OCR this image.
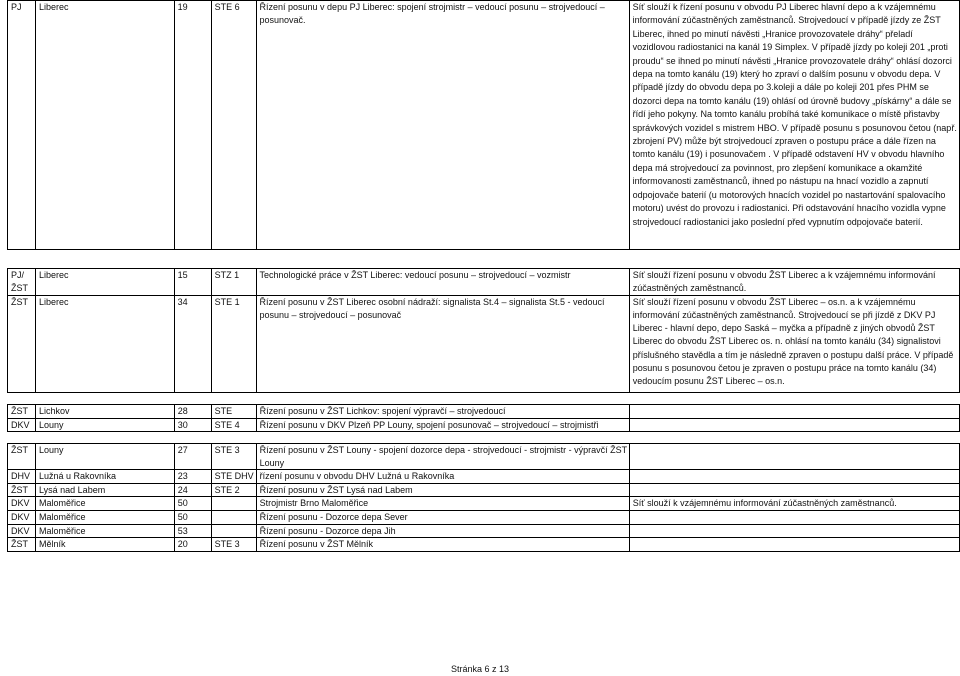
PJ	Liberec	19	STE 6	Řízení posunu v depu PJ Liberec: spojení strojmistr – vedoucí posunu – strojvedoucí – posunovač.	Síť slouží k řízení posunu v obvodu PJ Liberec hlavní depo a k vzájemnému informování zúčastněných zaměstnanců. Strojvedoucí v případě jízdy ze ŽST Liberec, ihned po minutí návěsti „Hranice provozovatele dráhy“ přeladí vozidlovou radiostanici na kanál 19 Simplex. V případě jízdy po koleji 201 „proti proudu“ se ihned po minutí návěsti „Hranice provozovatele dráhy“ ohlásí dozorci depa na tomto kanálu (19) který ho zpraví o dalším posunu v obvodu depa. V případě jízdy do obvodu depa po 3.koleji a dále po koleji 201 přes PHM se dozorci depa na tomto kanálu (19) ohlásí od úrovně budovy „pískárny“ a dále se řídí jeho pokyny. Na tomto kanálu probíhá také komunikace o místě přistavby správkových vozidel s mistrem HBO. V případě posunu s posunovou četou (např. zbrojení PV) může být strojvedoucí zpraven o postupu práce a dále řízen na tomto kanálu (19) i posunovačem . V případě odstavení HV v obvodu hlavního depa má strojvedoucí za povinnost, pro zlepšení komunikace a okamžité informovanosti zaměstnanců, ihned po nástupu na hnací vozidlo a zapnutí odpojovače baterií (u motorových hnacích vozidel po nastartování spalovacího motoru) uvést do provozu i radiostanici. Při odstavování hnacího vozidla vypne strojvedoucí radiostanici jako poslední před vypnutím odpojovače baterií.
PJ/ŽST	Liberec	15	STZ 1	Technologické práce v ŽST Liberec: vedoucí posunu – strojvedoucí – vozmistr	Síť slouží řízení posunu v obvodu ŽST Liberec a k vzájemnému informování zúčastněných zaměstnanců.
ŽST	Liberec	34	STE 1	Řízení posunu v ŽST Liberec osobní nádraží: signalista St.4 – signalista St.5 - vedoucí posunu – strojvedoucí – posunovač	Síť slouží řízení posunu v obvodu ŽST Liberec – os.n. a k vzájemnému informování zúčastněných zaměstnanců. Strojvedoucí se při jízdě z DKV PJ Liberec - hlavní depo, depo Saská – myčka a případně z jiných obvodů ŽST Liberec do obvodu ŽST Liberec os. n. ohlásí na tomto kanálu (34) signalistovi příslušného stavědla a tím je následně zpraven o postupu další práce. V případě posunu s posunovou četou je zpraven o postupu práce na tomto kanálu (34) vedoucím posunu ŽST Liberec – os.n.
ŽST	Lichkov	28	STE	Řízení posunu v ŽST Lichkov: spojení výpravčí – strojvedoucí	
DKV	Louny	30	STE 4	Řízení posunu v DKV Plzeň PP Louny, spojení posunovač – strojvedoucí – strojmistři	
ŽST	Louny	27	STE 3	Řízení posunu v ŽST Louny - spojení dozorce depa - strojvedoucí - strojmistr - výpravčí ŽST Louny	
DHV	Lužná u Rakovníka	23	STE DHV	řízení posunu v obvodu DHV Lužná u Rakovníka	
ŽST	Lysá nad Labem	24	STE 2	Řízení posunu v ŽST Lysá nad Labem	
DKV	Maloměřice	50		Strojmistr Brno Maloměřice	Síť slouží k vzájemnému informování zúčastněných zaměstnanců.
DKV	Maloměřice	50		Řízení posunu - Dozorce depa Sever	
DKV	Maloměřice	53		Řízení posunu - Dozorce depa Jih	
ŽST	Mělník	20	STE 3	Řízení posunu v ŽST Mělník	
Stránka 6 z 13
